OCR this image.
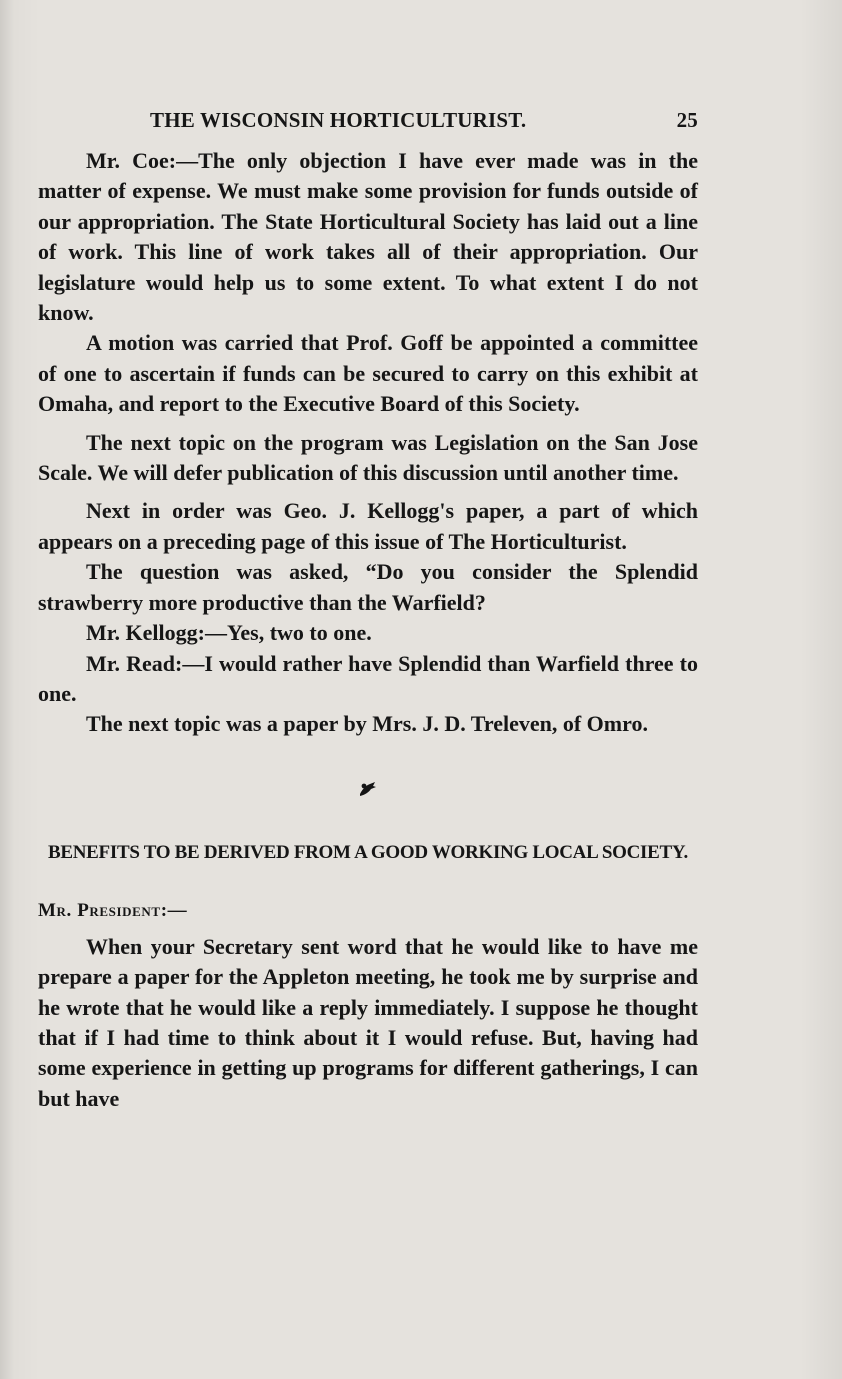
THE WISCONSIN HORTICULTURIST.	25

Mr. Coe:—The only objection I have ever made was in the matter of expense. We must make some provision for funds outside of our appropriation. The State Horticultural Society has laid out a line of work. This line of work takes all of their appropriation. Our legislature would help us to some extent. To what extent I do not know.

A motion was carried that Prof. Goff be appointed a committee of one to ascertain if funds can be secured to carry on this exhibit at Omaha, and report to the Executive Board of this Society.

The next topic on the program was Legislation on the San Jose Scale. We will defer publication of this discussion until another time.

Next in order was Geo. J. Kellogg's paper, a part of which appears on a preceding page of this issue of The Horticulturist.

The question was asked, “Do you consider the Splendid strawberry more productive than the Warfield?

Mr. Kellogg:—Yes, two to one.

Mr. Read:—I would rather have Splendid than Warfield three to one.

The next topic was a paper by Mrs. J. D. Treleven, of Omro.

BENEFITS TO BE DERIVED FROM A GOOD WORKING LOCAL SOCIETY.
Mr. President:—

When your Secretary sent word that he would like to have me prepare a paper for the Appleton meeting, he took me by surprise and he wrote that he would like a reply immediately. I suppose he thought that if I had time to think about it I would refuse. But, having had some experience in getting up programs for different gatherings, I can but have
